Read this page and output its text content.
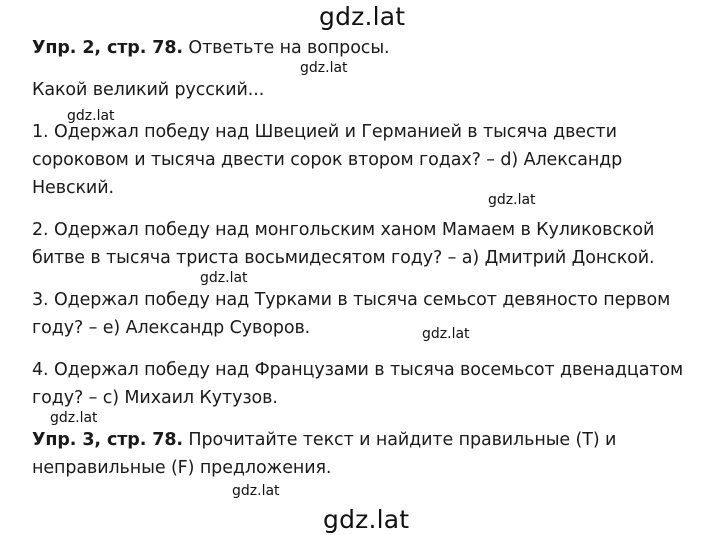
gdz.lat
gdz.lat
gdz.lat
gdz.lat
gdz.lat
gdz.lat
gdz.lat
gdz.lat
gdz.lat
Упр. 2, стр. 78. Ответьте на вопросы.
Какой великий русский...
1. Одержал победу над Швецией и Германией в тысяча двести
сороковом и тысяча двести сорок втором годах? – d) Александр
Невский.
2. Одержал победу над монгольским ханом Мамаем в Куликовской
битве в тысяча триста восьмидесятом году? – a) Дмитрий Донской.
3. Одержал победу над Турками в тысяча семьсот девяносто первом
году? – e) Александр Суворов.
4. Одержал победу над Французами в тысяча восемьсот двенадцатом
году? – c) Михаил Кутузов.
Упр. 3, стр. 78. Прочитайте текст и найдите правильные (T) и
неправильные (F) предложения.
